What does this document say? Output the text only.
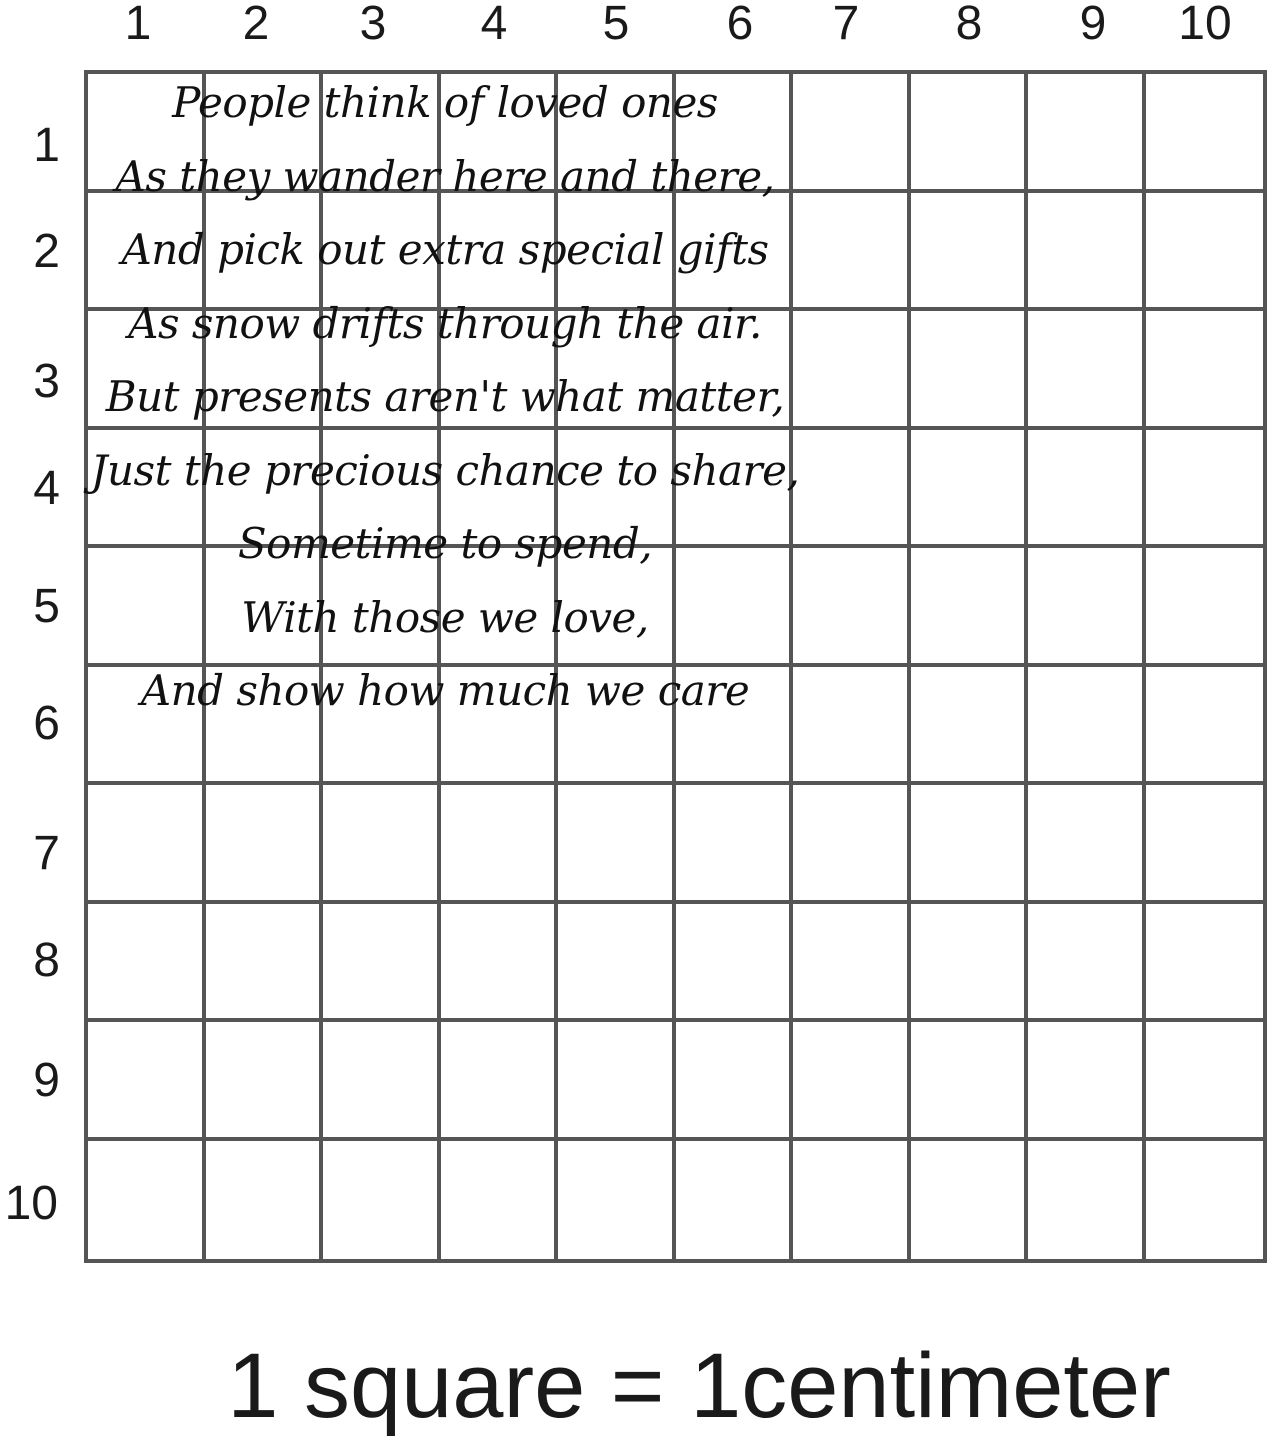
1 2 3 4 5 6 7 8 9 10
1
2
3
4
5
6
7
8
9
10
People think of loved ones
As they wander here and there,
And pick out extra special gifts
As snow drifts through the air.
But presents aren't what matter,
Just the precious chance to share,
Sometime to spend,
With those we love,
And show how much we care
1 square = 1centimeter
